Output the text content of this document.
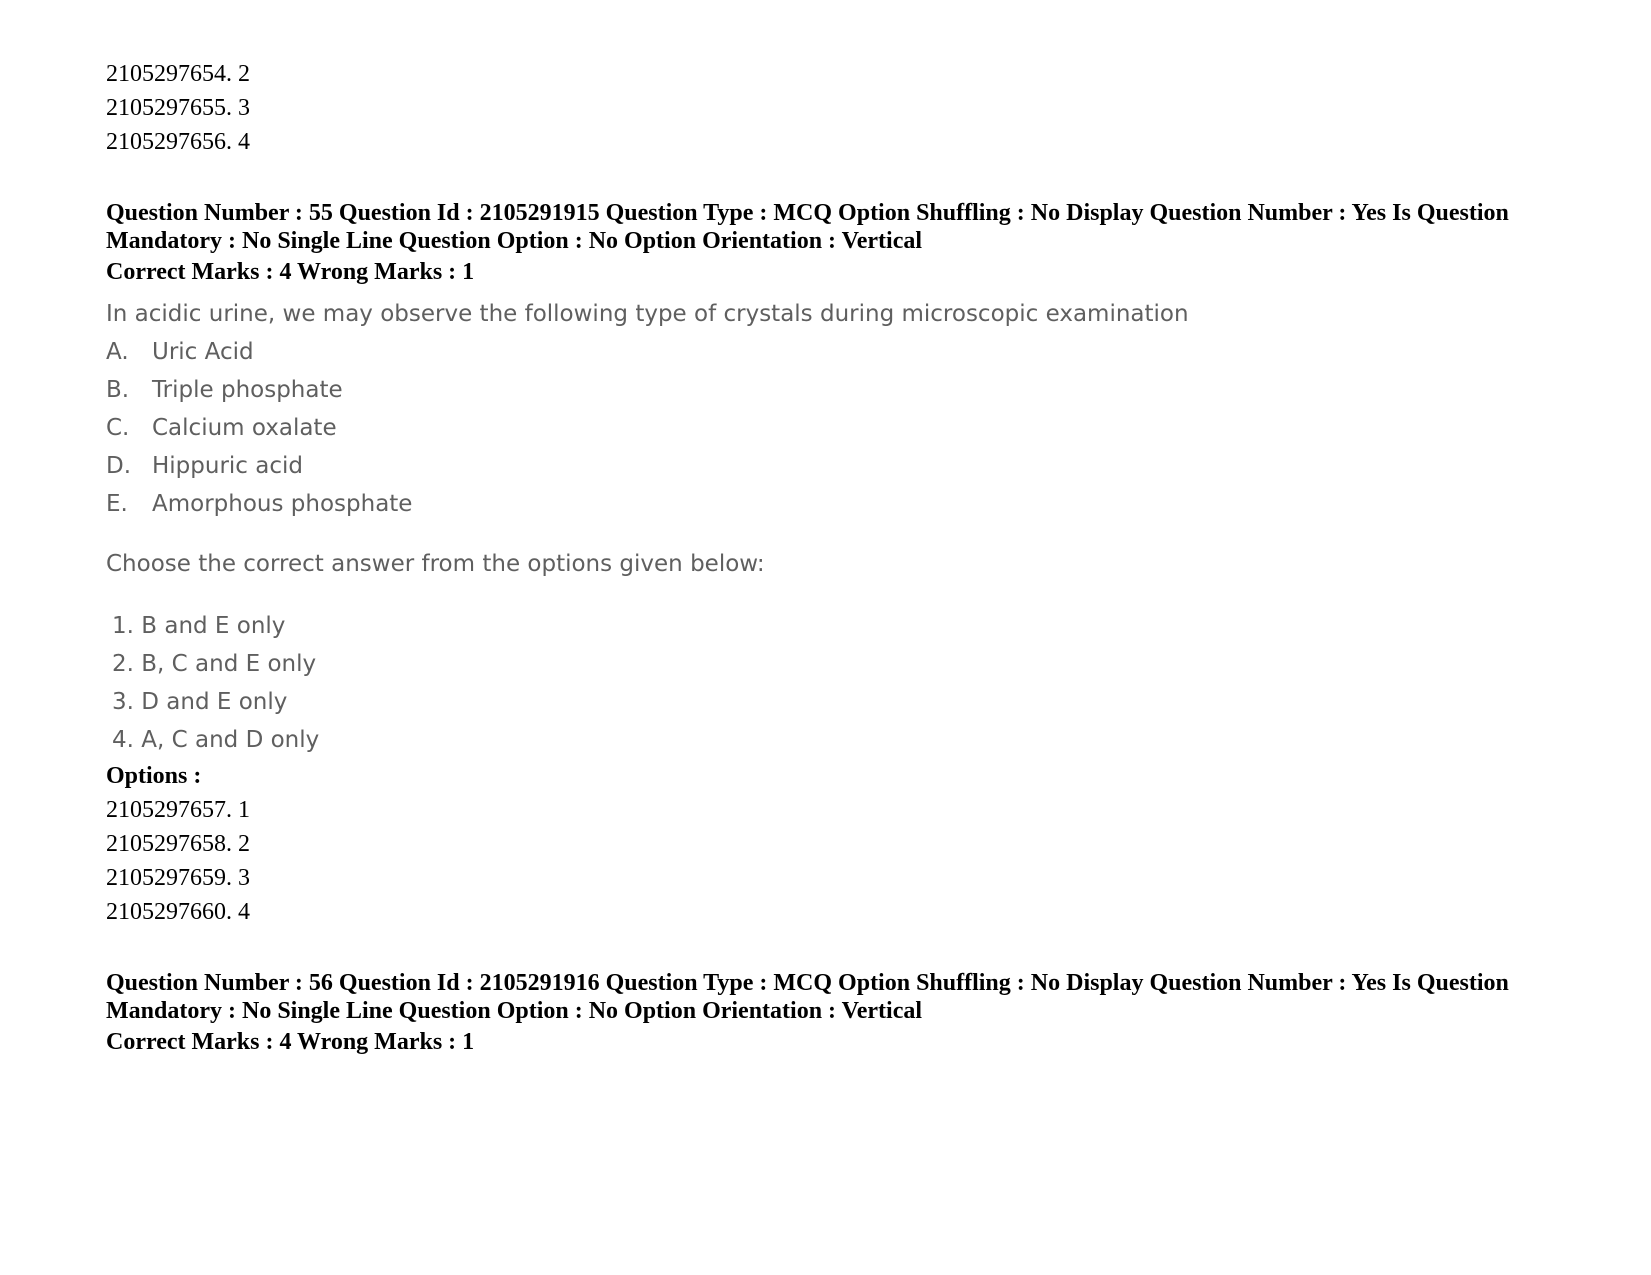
2105297654. 2
2105297655. 3
2105297656. 4
Question Number : 55 Question Id : 2105291915 Question Type : MCQ Option Shuffling : No Display Question Number : Yes Is Question Mandatory : No Single Line Question Option : No Option Orientation : Vertical
Correct Marks : 4 Wrong Marks : 1
In acidic urine, we may observe the following type of crystals during microscopic examination
A.	Uric Acid
B. Triple phosphate
C. Calcium oxalate
D. Hippuric acid
E.	Amorphous phosphate
Choose the correct answer from the options given below:
1. B and E only
2. B, C and E only
3. D and E only
4. A, C and D only
Options :
2105297657. 1
2105297658. 2
2105297659. 3
2105297660. 4
Question Number : 56 Question Id : 2105291916 Question Type : MCQ Option Shuffling : No Display Question Number : Yes Is Question Mandatory : No Single Line Question Option : No Option Orientation : Vertical
Correct Marks : 4 Wrong Marks : 1
